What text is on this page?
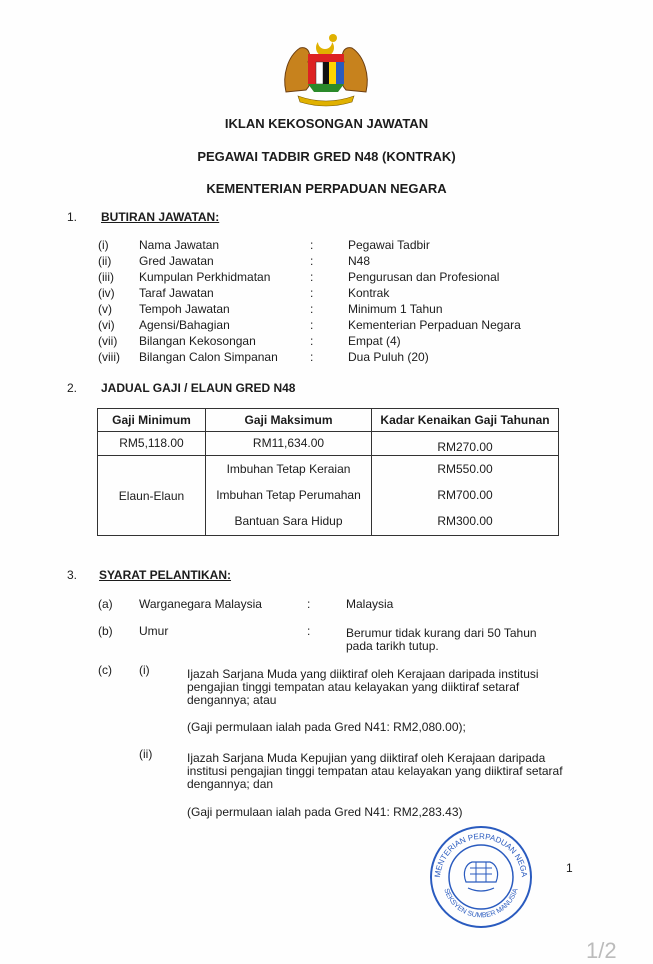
IKLAN KEKOSONGAN JAWATAN
PEGAWAI TADBIR GRED N48 (KONTRAK)
KEMENTERIAN PERPADUAN NEGARA
1. BUTIRAN JAWATAN:
(i)	Nama Jawatan	:	Pegawai Tadbir
(ii) Gred Jawatan	:	N48
(iii) Kumpulan Perkhidmatan	:	Pengurusan dan Profesional
(iv) Taraf Jawatan	:	Kontrak
(v) Tempoh Jawatan	:	Minimum 1 Tahun
(vi) Agensi/Bahagian	:	Kementerian Perpaduan Negara
(vii) Bilangan Kekosongan	:	Empat (4)
(viii) Bilangan Calon Simpanan	:	Dua Puluh (20)
2. JADUAL GAJI / ELAUN GRED N48
Gaji Minimum	Gaji Maksimum	Kadar Kenaikan Gaji Tahunan
RM5,118.00	RM11,634.00	RM270.00
Elaun-Elaun	Imbuhan Tetap Keraian	RM550.00
	Imbuhan Tetap Perumahan	RM700.00
	Bantuan Sara Hidup	RM300.00
3. SYARAT PELANTIKAN:
(a) Warganegara Malaysia	:	Malaysia
(b) Umur	:	Berumur tidak kurang dari 50 Tahun
pada tarikh tutup.
(c) (i)	Ijazah Sarjana Muda yang diiktiraf oleh Kerajaan daripada institusi
pengajian tinggi tempatan atau kelayakan yang diiktiraf setaraf
dengannya; atau
(Gaji permulaan ialah pada Gred N41: RM2,080.00);
(ii)	Ijazah Sarjana Muda Kepujian yang diiktiraf oleh Kerajaan daripada
institusi pengajian tinggi tempatan atau kelayakan yang diiktiraf setaraf
dengannya; dan
(Gaji permulaan ialah pada Gred N41: RM2,283.43)
MENTERIAN PERPADUAN NEGA
SEKSYEN SUMBER MANUSIA
1
1/2
